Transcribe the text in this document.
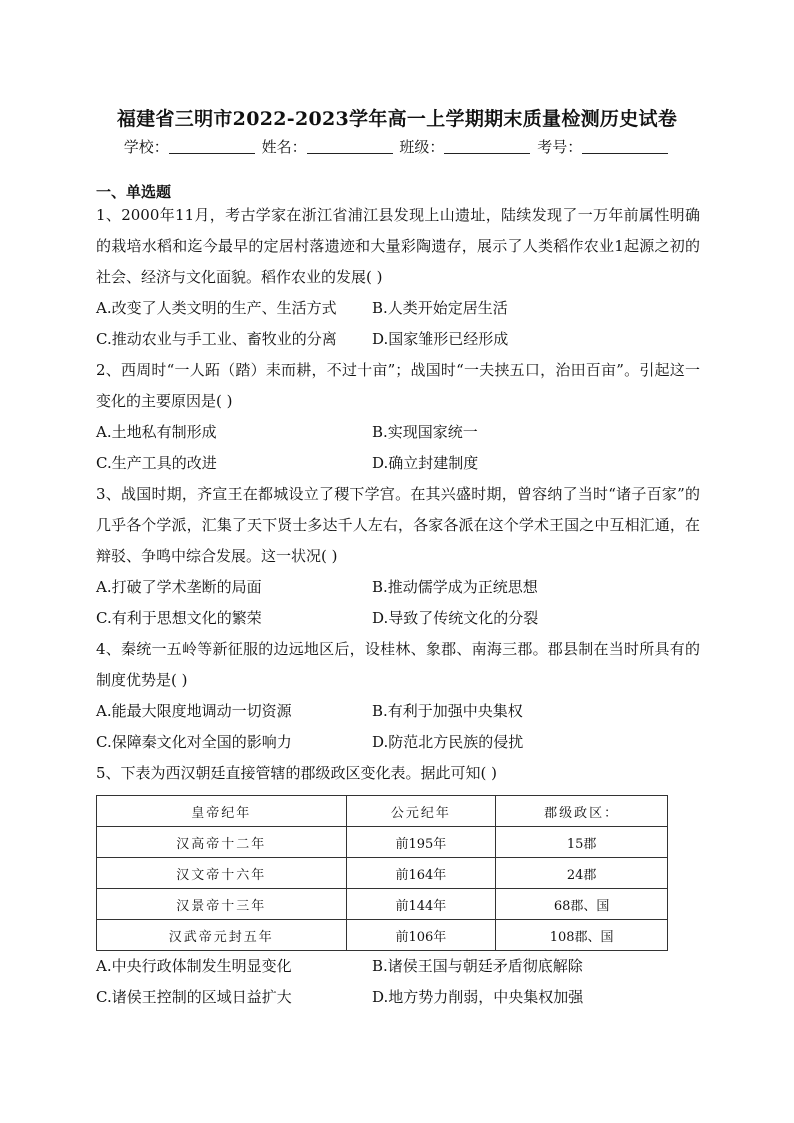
福建省三明市2022-2023学年高一上学期期末质量检测历史试卷
学校：	姓名：	班级：	考号：
一、单选题
1、2000年11月，考古学家在浙江省浦江县发现上山遗址，陆续发现了一万年前属性明确的栽培水稻和迄今最早的定居村落遗迹和大量彩陶遗存，展示了人类稻作农业1起源之初的社会、经济与文化面貌。稻作农业的发展( )
A.改变了人类文明的生产、生活方式 B.人类开始定居生活
C.推动农业与手工业、畜牧业的分离 D.国家雏形已经形成
2、西周时“一人跖（踏）耒而耕，不过十亩”；战国时“一夫挟五口，治田百亩”。引起这一变化的主要原因是( )
A.土地私有制形成	B.实现国家统一
C.生产工具的改进	D.确立封建制度
3、战国时期，齐宣王在都城设立了稷下学宫。在其兴盛时期，曾容纳了当时“诸子百家”的几乎各个学派，汇集了天下贤士多达千人左右，各家各派在这个学术王国之中互相汇通，在辩驳、争鸣中综合发展。这一状况( )
A.打破了学术垄断的局面	B.推动儒学成为正统思想
C.有利于思想文化的繁荣	D.导致了传统文化的分裂
4、秦统一五岭等新征服的边远地区后，设桂林、象郡、南海三郡。郡县制在当时所具有的制度优势是( )
A.能最大限度地调动一切资源	B.有利于加强中央集权
C.保障秦文化对全国的影响力	D.防范北方民族的侵扰
5、下表为西汉朝廷直接管辖的郡级政区变化表。据此可知( )
皇帝纪年	公元纪年	郡级政区：
汉高帝十二年	前195年	15郡
汉文帝十六年	前164年	24郡
汉景帝十三年	前144年	68郡、国
汉武帝元封五年	前106年	108郡、国
A.中央行政体制发生明显变化	B.诸侯王国与朝廷矛盾彻底解除
C.诸侯王控制的区域日益扩大	D.地方势力削弱，中央集权加强
